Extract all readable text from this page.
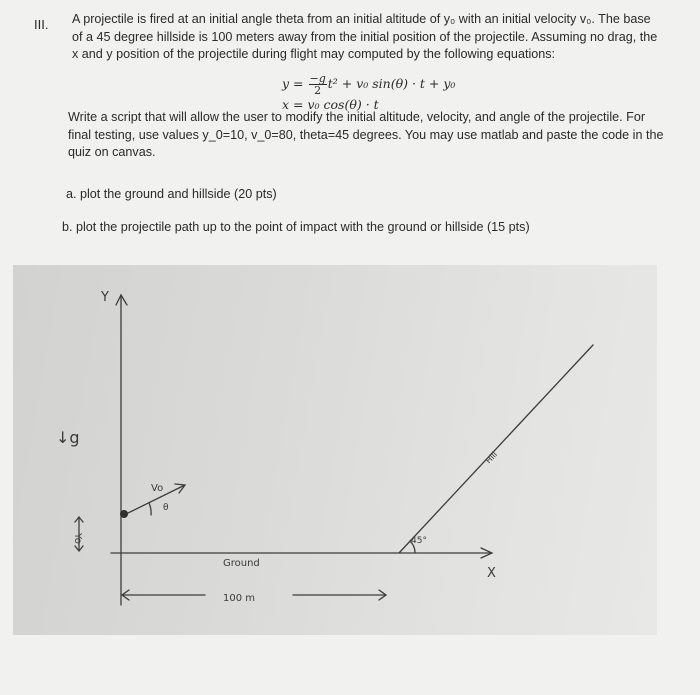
III. A projectile is fired at an initial angle theta from an initial altitude of y₀ with an initial velocity v₀. The base
of a 45 degree hillside is 100 meters away from the initial position of the projectile. Assuming no drag, the
x and y position of the projectile during flight may computed by the following equations:
$y = \frac{-g}{2} t^2 + v_0$ sin(θ) · t + y₀
x = v₀ cos(θ) · t
Write a script that will allow the user to modify the initial altitude, velocity, and angle of the projectile. For
final testing, use values y_0=10, v_0=80, theta=45 degrees. You may use matlab and paste the code in the
quiz on canvas.
a. plot the ground and hillside (20 pts)
b. plot the projectile path up to the point of impact with the ground or hillside (15 pts)
Y
X
↓g
Vo
θ
Yo
Ground
100 m
Hill
45°
